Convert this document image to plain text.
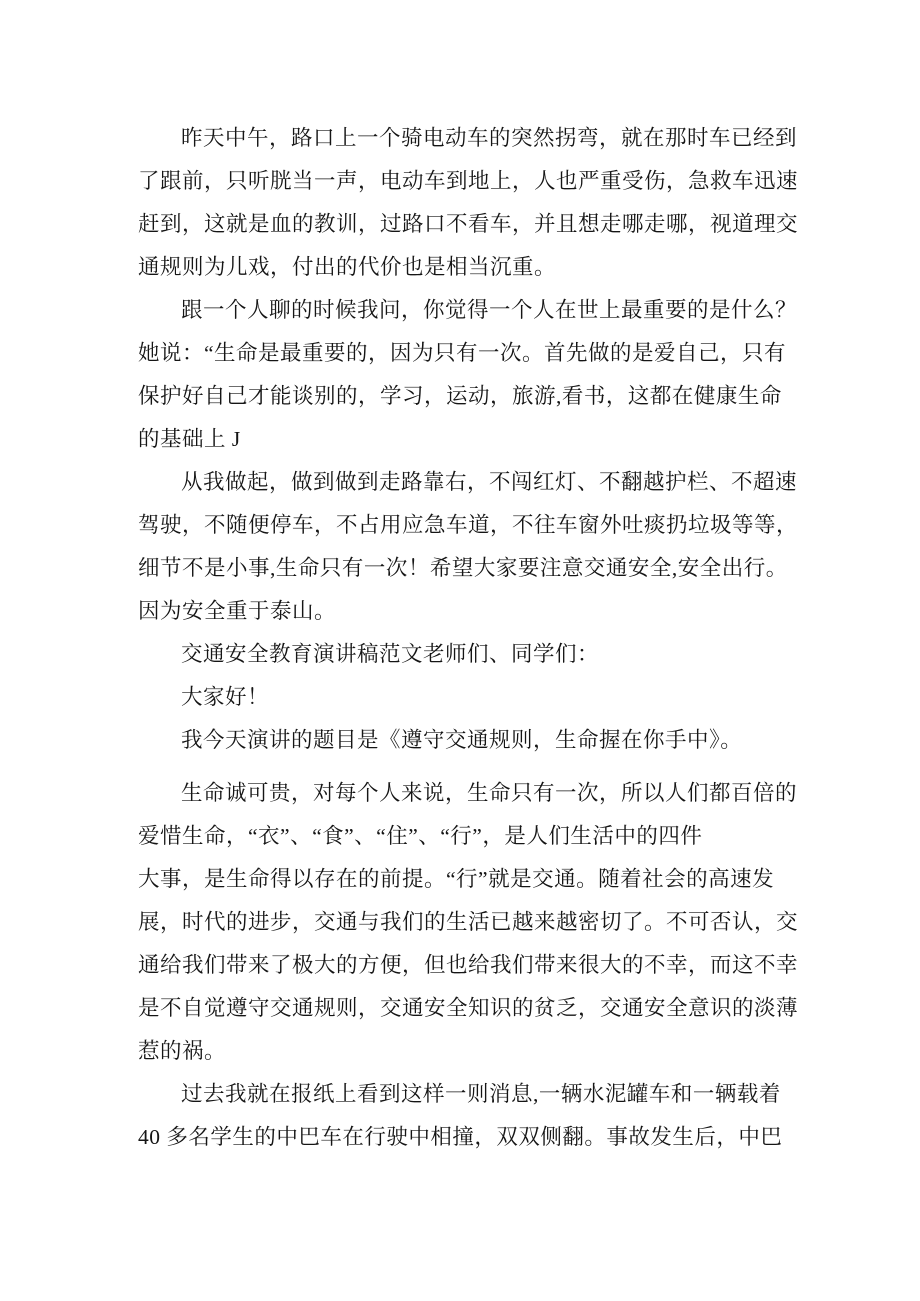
昨天中午，路口上一个骑电动车的突然拐弯，就在那时车已经到
了跟前，只听胱当一声，电动车到地上，人也严重受伤，急救车迅速
赶到，这就是血的教训，过路口不看车，并且想走哪走哪，视道理交
通规则为儿戏，付出的代价也是相当沉重。
跟一个人聊的时候我问，你觉得一个人在世上最重要的是什么？
她说：“生命是最重要的，因为只有一次。首先做的是爱自己，只有
保护好自己才能谈别的，学习，运动，旅游,看书，这都在健康生命
的基础上 J
从我做起，做到做到走路靠右，不闯红灯、不翻越护栏、不超速
驾驶，不随便停车，不占用应急车道，不往车窗外吐痰扔垃圾等等，
细节不是小事,生命只有一次！希望大家要注意交通安全,安全出行。
因为安全重于泰山。
交通安全教育演讲稿范文老师们、同学们：
大家好！
我今天演讲的题目是《遵守交通规则，生命握在你手中》。
生命诚可贵，对每个人来说，生命只有一次，所以人们都百倍的
爱惜生命，“衣”、“食”、“住”、“行”，是人们生活中的四件
大事，是生命得以存在的前提。“行”就是交通。随着社会的高速发
展，时代的进步，交通与我们的生活已越来越密切了。不可否认，交
通给我们带来了极大的方便，但也给我们带来很大的不幸，而这不幸
是不自觉遵守交通规则，交通安全知识的贫乏，交通安全意识的淡薄
惹的祸。
过去我就在报纸上看到这样一则消息,一辆水泥罐车和一辆载着
40 多名学生的中巴车在行驶中相撞，双双侧翻。事故发生后，中巴
